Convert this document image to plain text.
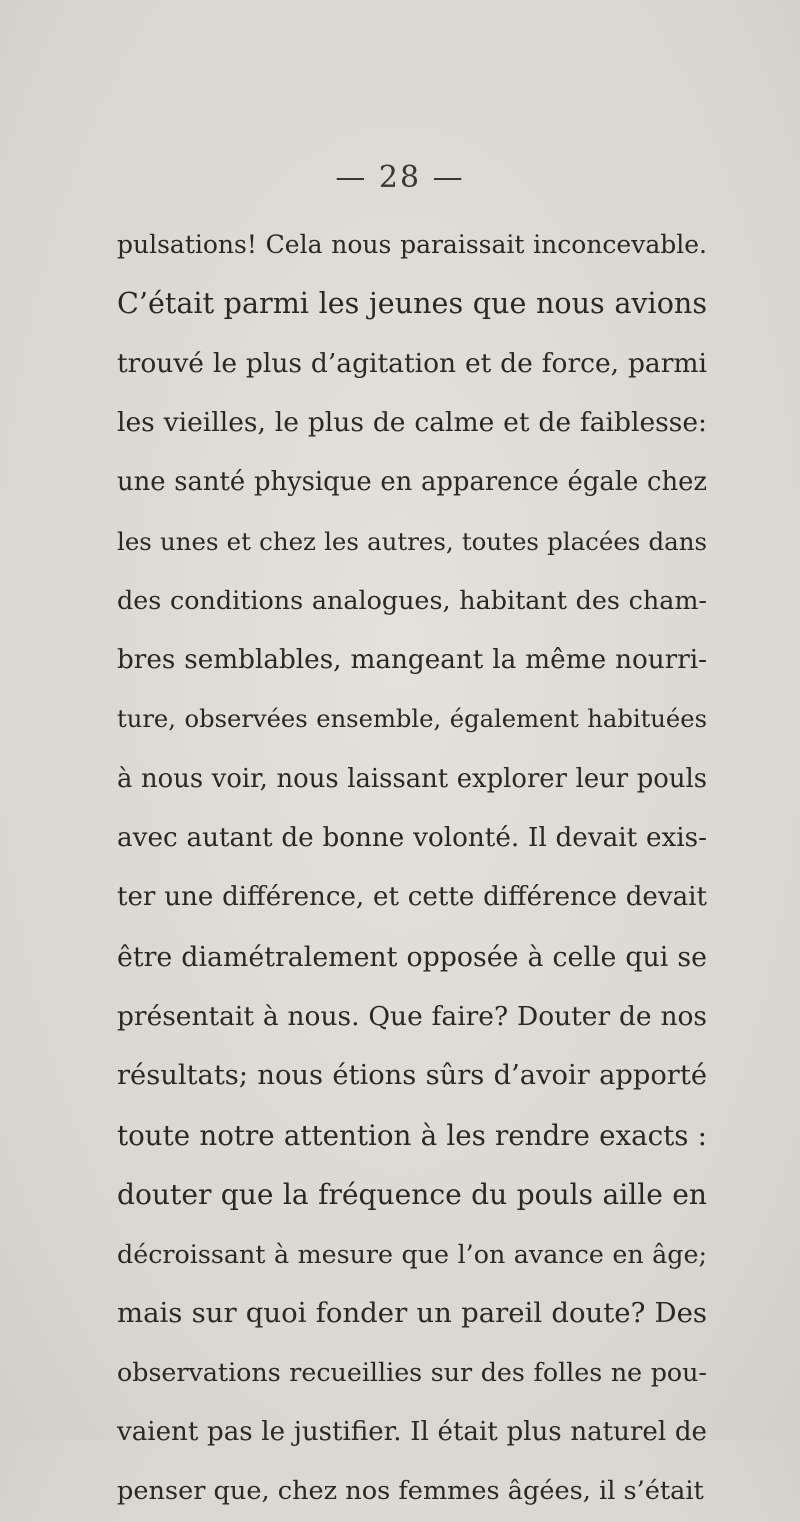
— 28 —
pulsations! Cela nous paraissait inconcevable.
C’était parmi les jeunes que nous avions
trouvé le plus d’agitation et de force, parmi
les vieilles, le plus de calme et de faiblesse:
une santé physique en apparence égale chez
les unes et chez les autres, toutes placées dans
des conditions analogues, habitant des cham-
bres semblables, mangeant la même nourri-
ture, observées ensemble, également habituées
à nous voir, nous laissant explorer leur pouls
avec autant de bonne volonté. Il devait exis-
ter une différence, et cette différence devait
être diamétralement opposée à celle qui se
présentait à nous. Que faire? Douter de nos
résultats; nous étions sûrs d’avoir apporté
toute notre attention à les rendre exacts :
douter que la fréquence du pouls aille en
décroissant à mesure que l’on avance en âge;
mais sur quoi fonder un pareil doute? Des
observations recueillies sur des folles ne pou-
vaient pas le justifier. Il était plus naturel de
penser que, chez nos femmes âgées, il s’était
